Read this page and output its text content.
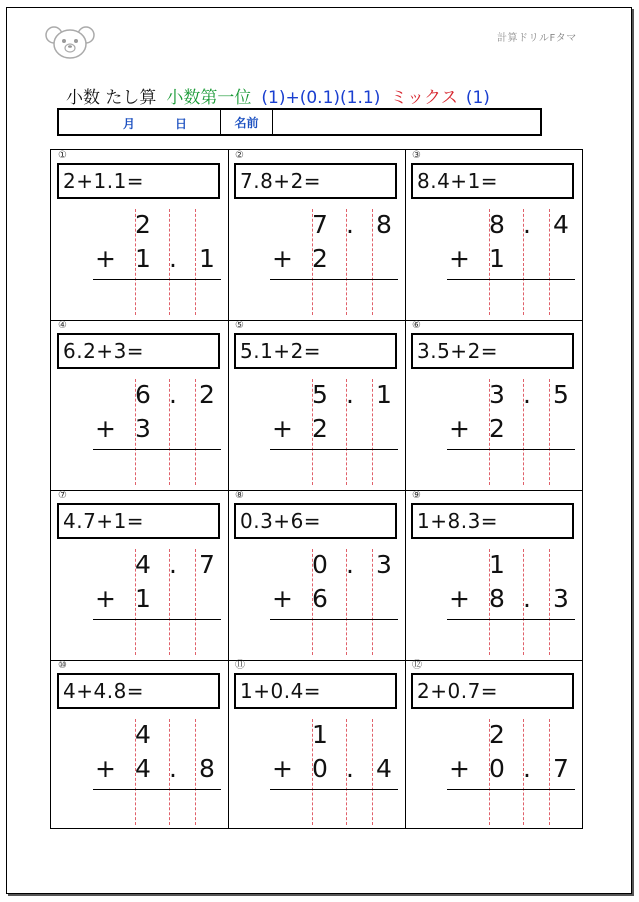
計算ドリルFタマ
小数 たし算 小数第一位 (1)+(0.1)(1.1) ミックス (1)
月	日	名前
①
2+1.1=
2
+ 1 . 1
②
7.8+2=
7 . 8
+ 2
③
8.4+1=
8 . 4
+ 1
④
6.2+3=
6 . 2
+ 3
⑤
5.1+2=
5 . 1
+ 2
⑥
3.5+2=
3 . 5
+ 2
⑦
4.7+1=
4 . 7
+ 1
⑧
0.3+6=
0 . 3
+ 6
⑨
1+8.3=
1
+ 8 . 3
⑩
4+4.8=
4
+ 4 . 8
⑪
1+0.4=
1
+ 0 . 4
⑫
2+0.7=
2
+ 0 . 7
